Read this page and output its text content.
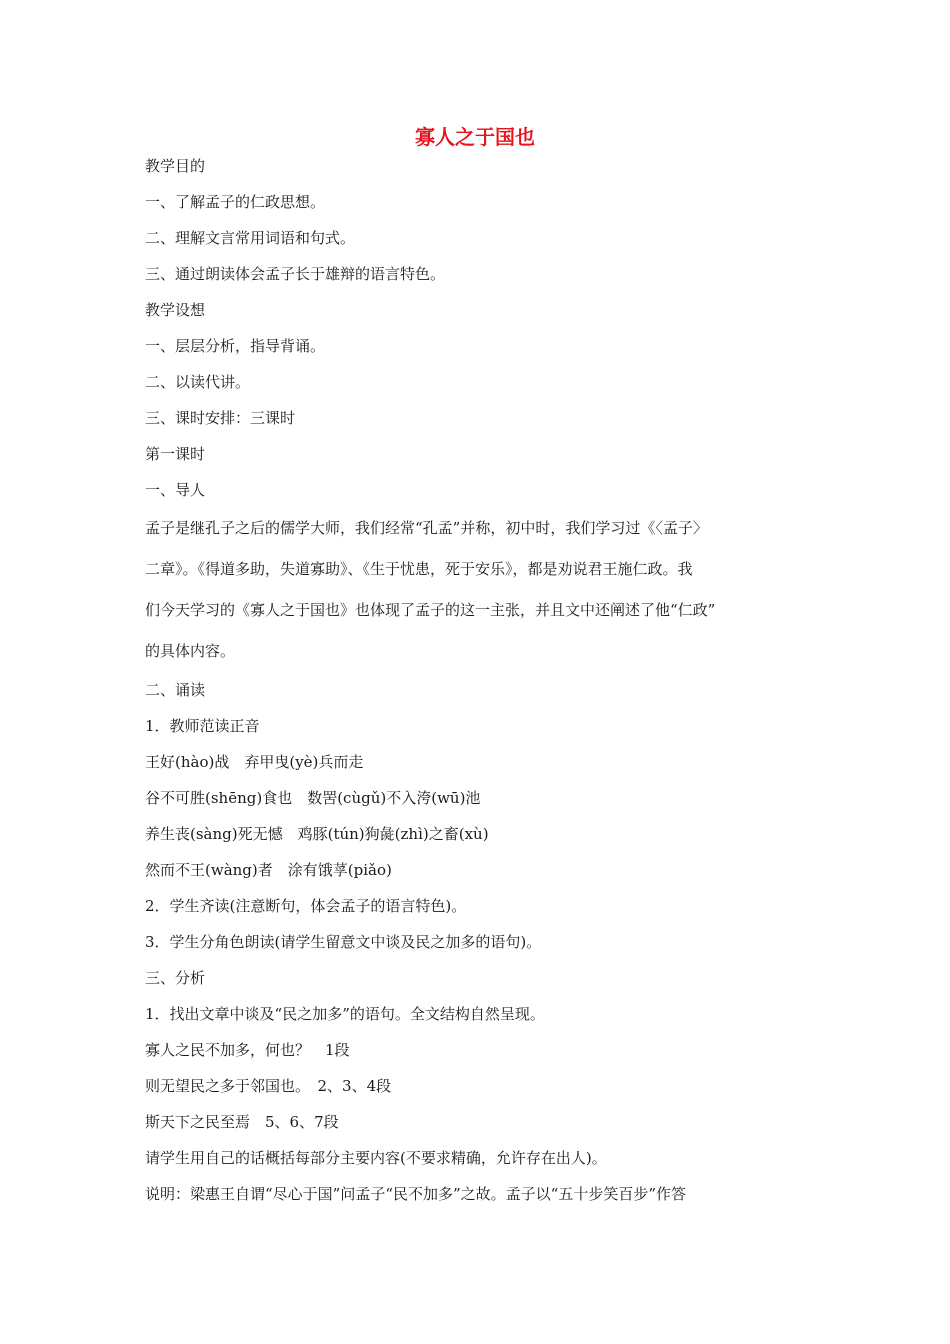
寡人之于国也

教学目的

一、了解孟子的仁政思想。

二、理解文言常用词语和句式。

三、通过朗读体会孟子长于雄辩的语言特色。

教学设想

一、层层分析，指导背诵。

二、以读代讲。

三、课时安排：三课时

第一课时

一、导人

孟子是继孔子之后的儒学大师，我们经常“孔孟”并称，初中时，我们学习过《〈孟子〉

二章》。《得道多助，失道寡助》、《生于忧患，死于安乐》，都是劝说君王施仁政。我

们今天学习的《寡人之于国也》也体现了孟子的这一主张，并且文中还阐述了他“仁政”

的具体内容。

二、诵读

1．教师范读正音

王好(hào)战　弃甲曳(yè)兵而走

谷不可胜(shēng)食也　数罟(cùgǔ)不入洿(wū)池

养生丧(sàng)死无憾　鸡豚(tún)狗彘(zhì)之畜(xù)

然而不王(wàng)者　涂有饿莩(piǎo)

2．学生齐读(注意断句，体会孟子的语言特色)。

3．学生分角色朗读(请学生留意文中谈及民之加多的语句)。

三、分析

1．找出文章中谈及“民之加多”的语句。全文结构自然呈现。

寡人之民不加多，何也？　1段

则无望民之多于邻国也。　2、3、4段

斯天下之民至焉　5、6、7段

请学生用自己的话概括每部分主要内容(不要求精确，允许存在出人)。

说明：梁惠王自谓“尽心于国”问孟子“民不加多”之故。孟子以“五十步笑百步”作答
